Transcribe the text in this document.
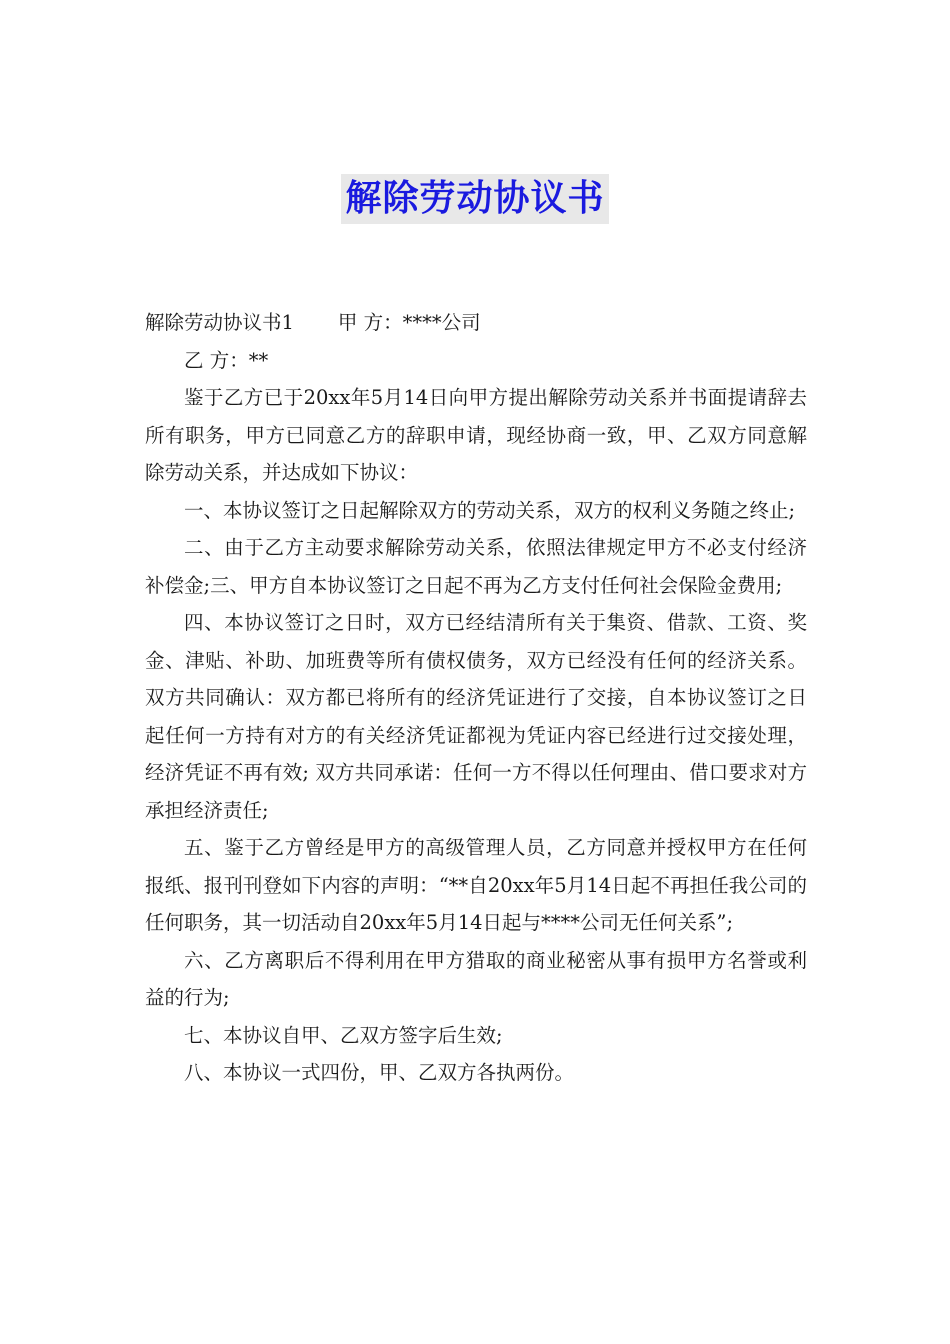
解除劳动协议书

解除劳动协议书1 甲 方：****公司

乙 方：**

鉴于乙方已于20xx年5月14日向甲方提出解除劳动关系并书面提请辞去所有职务，甲方已同意乙方的辞职申请，现经协商一致，甲、乙双方同意解除劳动关系，并达成如下协议：

一、本协议签订之日起解除双方的劳动关系，双方的权利义务随之终止;

二、由于乙方主动要求解除劳动关系，依照法律规定甲方不必支付经济补偿金;三、甲方自本协议签订之日起不再为乙方支付任何社会保险金费用;

四、本协议签订之日时，双方已经结清所有关于集资、借款、工资、奖金、津贴、补助、加班费等所有债权债务，双方已经没有任何的经济关系。双方共同确认：双方都已将所有的经济凭证进行了交接，自本协议签订之日起任何一方持有对方的有关经济凭证都视为凭证内容已经进行过交接处理，经济凭证不再有效; 双方共同承诺：任何一方不得以任何理由、借口要求对方承担经济责任;

五、鉴于乙方曾经是甲方的高级管理人员，乙方同意并授权甲方在任何报纸、报刊刊登如下内容的声明：“**自20xx年5月14日起不再担任我公司的任何职务，其一切活动自20xx年5月14日起与****公司无任何关系”;

六、乙方离职后不得利用在甲方猎取的商业秘密从事有损甲方名誉或利益的行为;

七、本协议自甲、乙双方签字后生效;

八、本协议一式四份，甲、乙双方各执两份。
